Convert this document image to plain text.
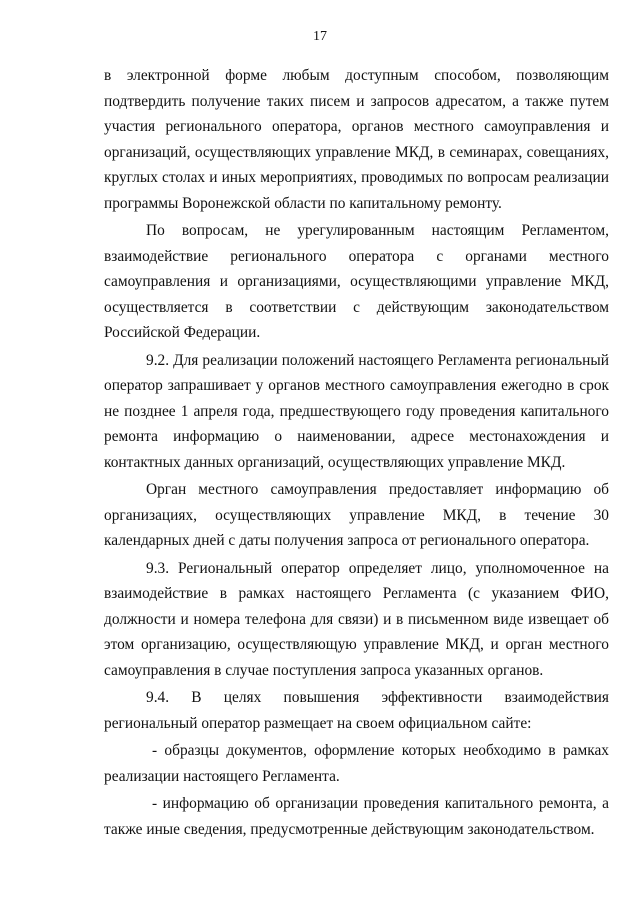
17

в электронной форме любым доступным способом, позволяющим подтвердить получение таких писем и запросов адресатом, а также путем участия регионального оператора, органов местного самоуправления и организаций, осуществляющих управление МКД, в семинарах, совещаниях, круглых столах и иных мероприятиях, проводимых по вопросам реализации программы Воронежской области по капитальному ремонту.

По вопросам, не урегулированным настоящим Регламентом, взаимодействие регионального оператора с органами местного самоуправления и организациями, осуществляющими управление МКД, осуществляется в соответствии с действующим законодательством Российской Федерации.

9.2. Для реализации положений настоящего Регламента региональный оператор запрашивает у органов местного самоуправления ежегодно в срок не позднее 1 апреля года, предшествующего году проведения капитального ремонта информацию о наименовании, адресе местонахождения и контактных данных организаций, осуществляющих управление МКД.

Орган местного самоуправления предоставляет информацию об организациях, осуществляющих управление МКД, в течение 30 календарных дней с даты получения запроса от регионального оператора.

9.3. Региональный оператор определяет лицо, уполномоченное на взаимодействие в рамках настоящего Регламента (с указанием ФИО, должности и номера телефона для связи) и в письменном виде извещает об этом организацию, осуществляющую управление МКД, и орган местного самоуправления в случае поступления запроса указанных органов.

9.4. В целях повышения эффективности взаимодействия региональный оператор размещает на своем официальном сайте:

- образцы документов, оформление которых необходимо в рамках реализации настоящего Регламента.

- информацию об организации проведения капитального ремонта, а также иные сведения, предусмотренные действующим законодательством.
